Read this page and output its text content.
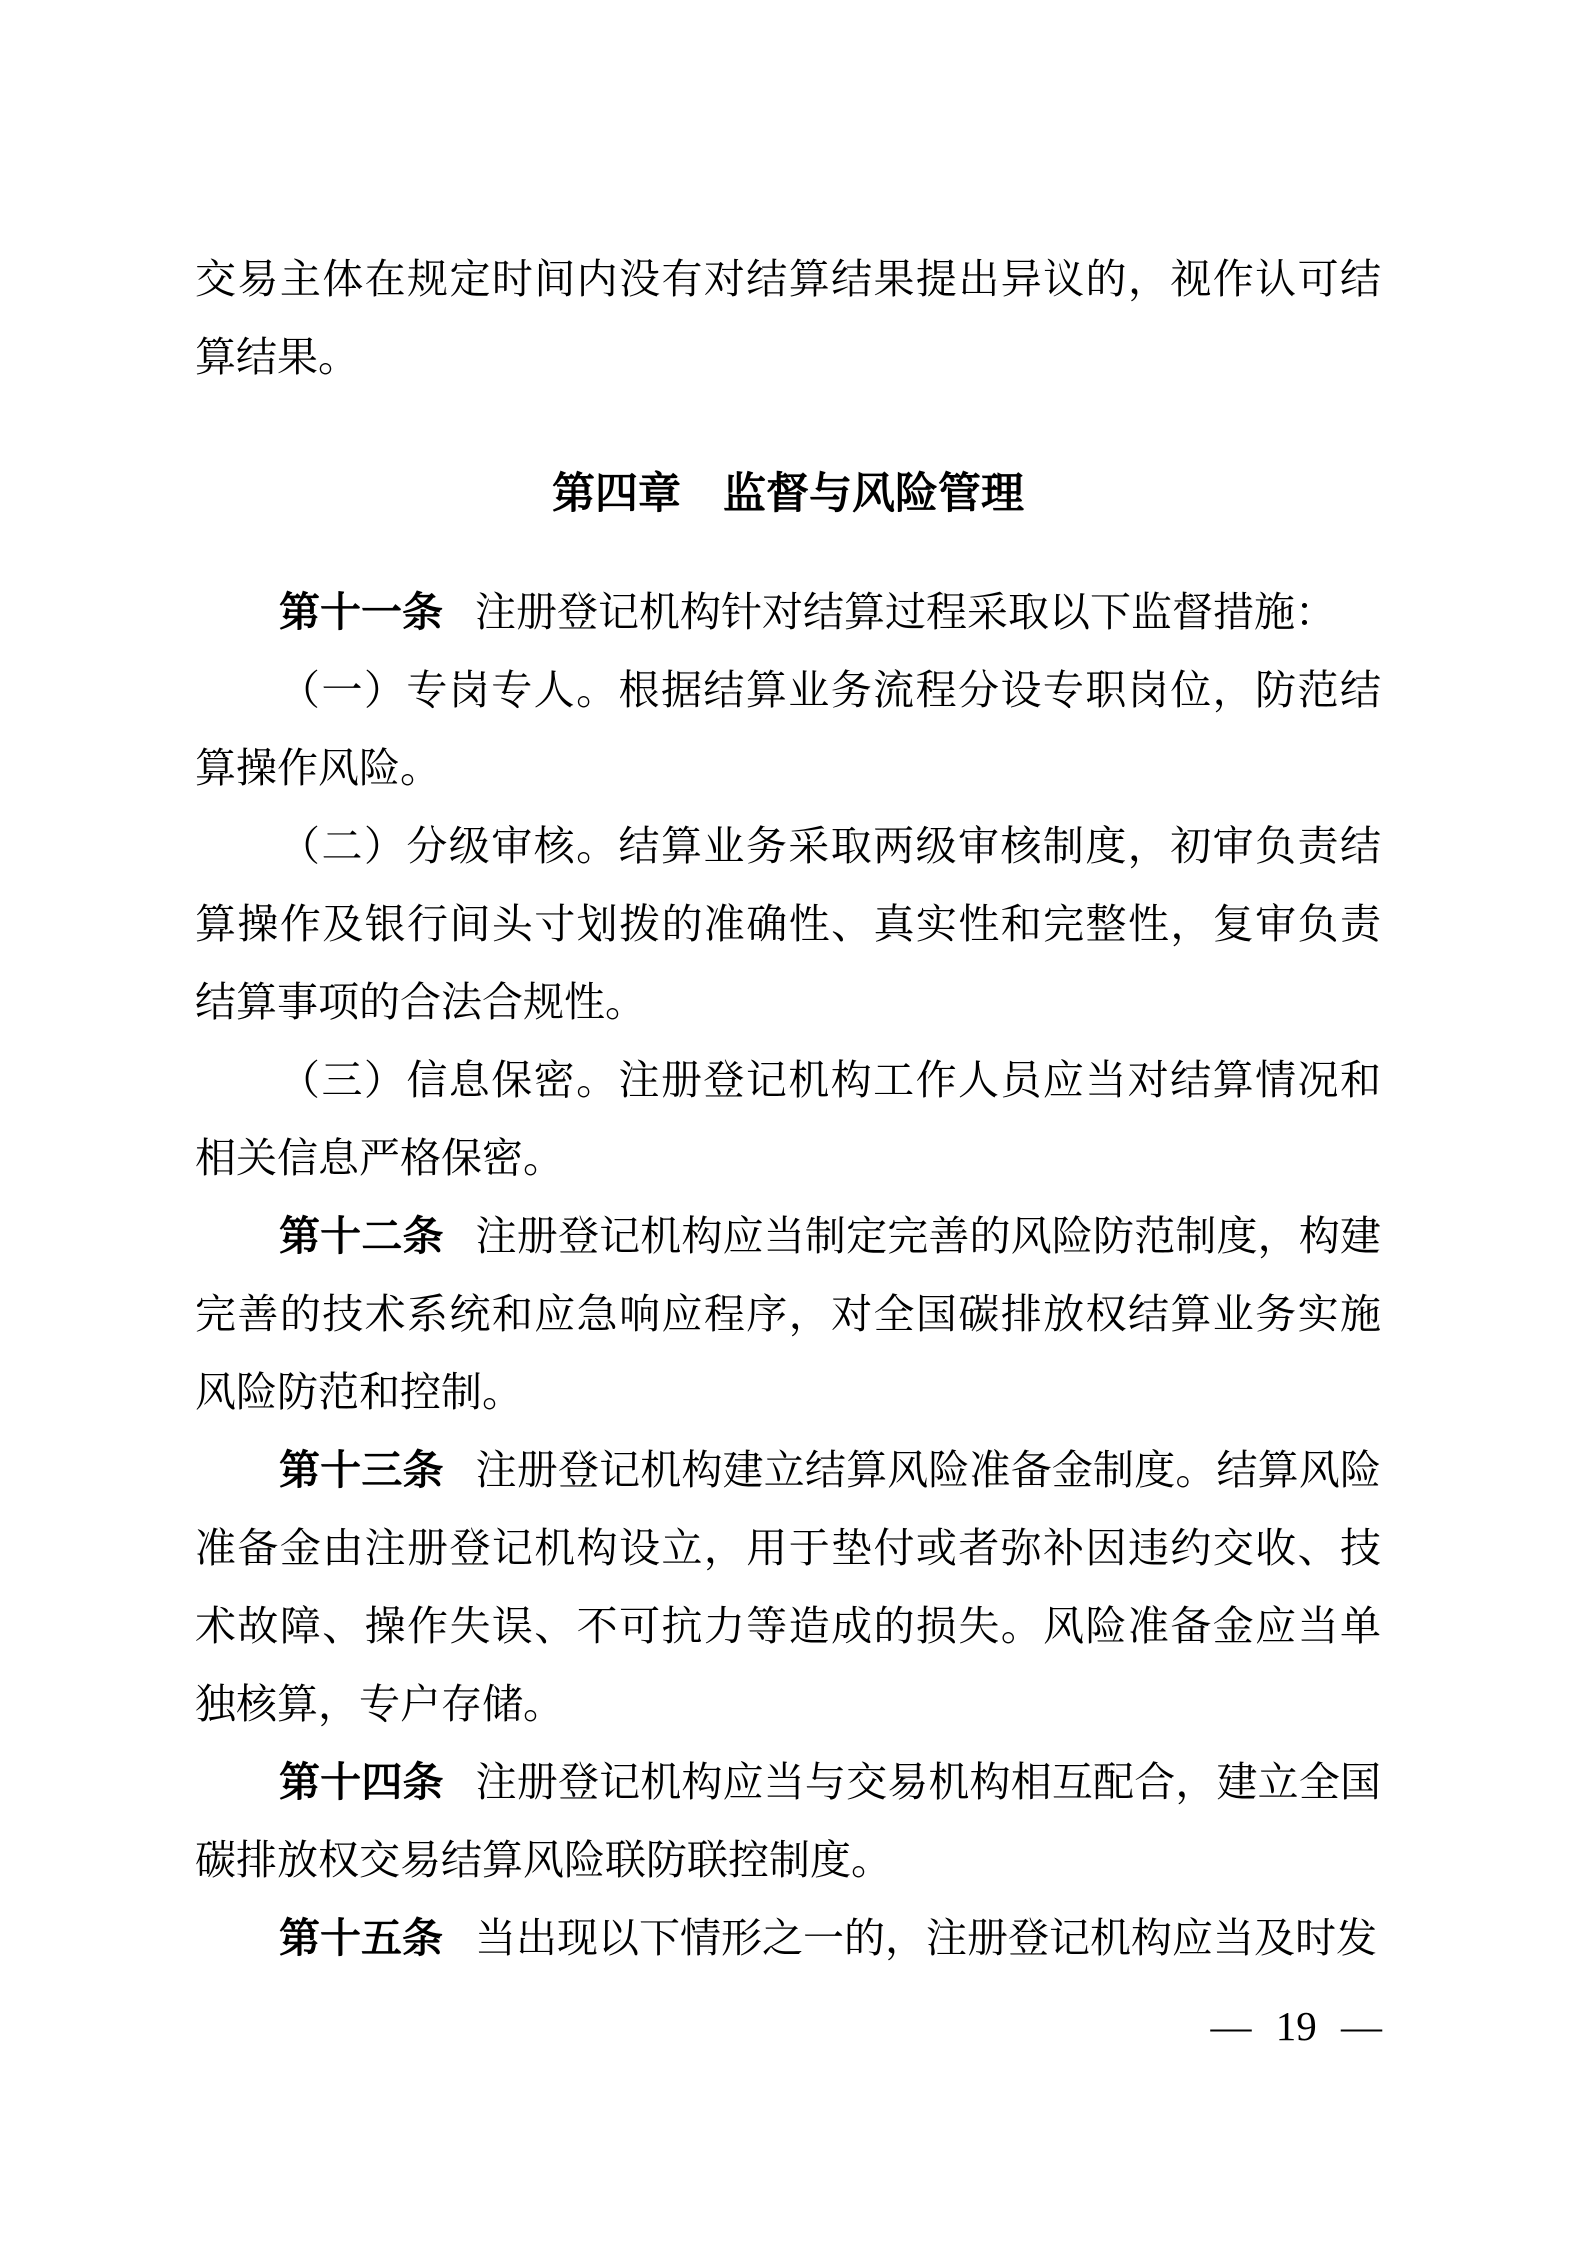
交易主体在规定时间内没有对结算结果提出异议的，视作认可结算结果。

第四章 监督与风险管理

第十一条 注册登记机构针对结算过程采取以下监督措施：

（一）专岗专人。根据结算业务流程分设专职岗位，防范结算操作风险。

（二）分级审核。结算业务采取两级审核制度，初审负责结算操作及银行间头寸划拨的准确性、真实性和完整性，复审负责结算事项的合法合规性。

（三）信息保密。注册登记机构工作人员应当对结算情况和相关信息严格保密。

第十二条 注册登记机构应当制定完善的风险防范制度，构建完善的技术系统和应急响应程序，对全国碳排放权结算业务实施风险防范和控制。

第十三条 注册登记机构建立结算风险准备金制度。结算风险准备金由注册登记机构设立，用于垫付或者弥补因违约交收、技术故障、操作失误、不可抗力等造成的损失。风险准备金应当单独核算，专户存储。

第十四条 注册登记机构应当与交易机构相互配合，建立全国碳排放权交易结算风险联防联控制度。

第十五条 当出现以下情形之一的，注册登记机构应当及时发

— 19 —
